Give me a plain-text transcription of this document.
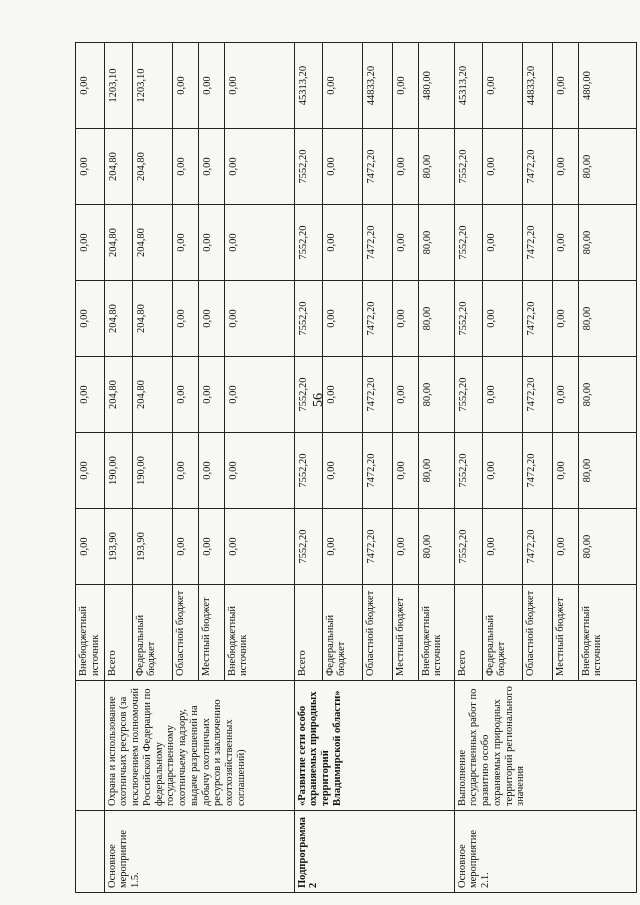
56
		Внебюджетный источник	0,00	0,00	0,00	0,00	0,00	0,00	0,00
Основное мероприятие 1.5.	Охрана и использование охотничьих ресурсов (за исключением полномочий Российской Федерации по федеральному государственному охотничьему надзору, выдаче разрешений на добычу охотничьих ресурсов и заключению охотхозяйственных соглашений)	Всего	193,90	190,00	204,80	204,80	204,80	204,80	1203,10
		Федеральный бюджет	193,90	190,00	204,80	204,80	204,80	204,80	1203,10
		Областной бюджет	0,00	0,00	0,00	0,00	0,00	0,00	0,00
		Местный бюджет	0,00	0,00	0,00	0,00	0,00	0,00	0,00
		Внебюджетный источник	0,00	0,00	0,00	0,00	0,00	0,00	0,00
Подпрограмма 2	«Развитие сети особо охраняемых природных территорий Владимирской области»	Всего	7552,20	7552,20	7552,20	7552,20	7552,20	7552,20	45313,20
		Федеральный бюджет	0,00	0,00	0,00	0,00	0,00	0,00	0,00
		Областной бюджет	7472,20	7472,20	7472,20	7472,20	7472,20	7472,20	44833,20
		Местный бюджет	0,00	0,00	0,00	0,00	0,00	0,00	0,00
		Внебюджетный источник	80,00	80,00	80,00	80,00	80,00	80,00	480,00
Основное мероприятие 2.1.	Выполнение государственных работ по развитию особо охраняемых природных территорий регионального значения	Всего	7552,20	7552,20	7552,20	7552,20	7552,20	7552,20	45313,20
		Федеральный бюджет	0,00	0,00	0,00	0,00	0,00	0,00	0,00
		Областной бюджет	7472,20	7472,20	7472,20	7472,20	7472,20	7472,20	44833,20
		Местный бюджет	0,00	0,00	0,00	0,00	0,00	0,00	0,00
		Внебюджетный источник	80,00	80,00	80,00	80,00	80,00	80,00	480,00
